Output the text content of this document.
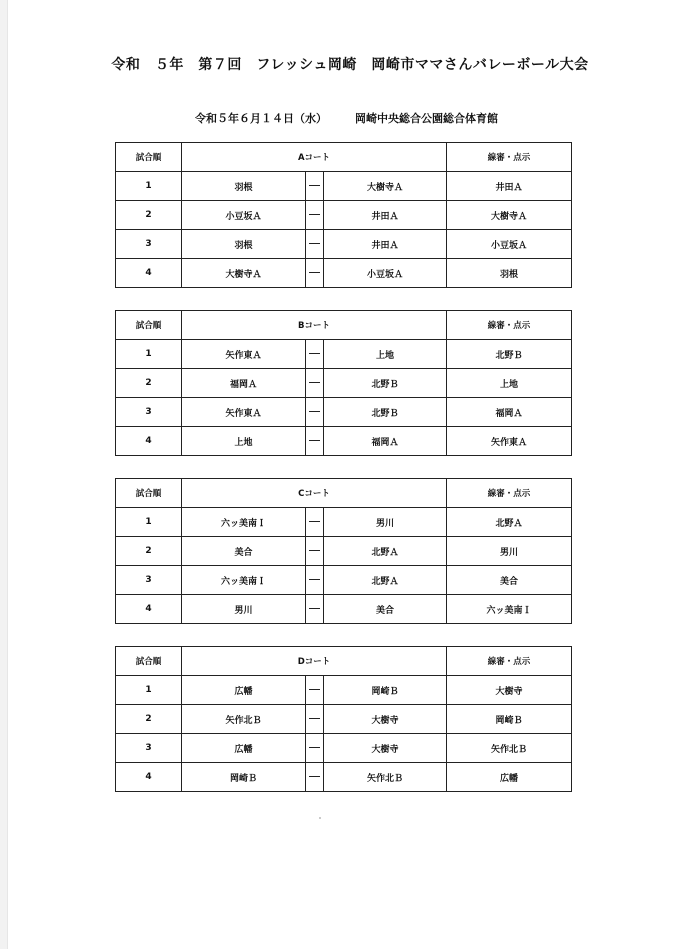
令和　５年　第７回　フレッシュ岡崎　岡崎市ママさんバレーボール大会
令和５年６月１４日（水）	岡崎中央総合公園総合体育館
試合順	Aコート			線審・点示
1	羽根		大樹寺Ａ	井田Ａ
2	小豆坂Ａ		井田Ａ	大樹寺Ａ
3	羽根		井田Ａ	小豆坂Ａ
4	大樹寺Ａ		小豆坂Ａ	羽根
試合順	Bコート			線審・点示
1	矢作東Ａ		上地	北野Ｂ
2	福岡Ａ		北野Ｂ	上地
3	矢作東Ａ		北野Ｂ	福岡Ａ
4	上地		福岡Ａ	矢作東Ａ
試合順	Cコート			線審・点示
1	六ッ美南Ｉ		男川	北野Ａ
2	美合		北野Ａ	男川
3	六ッ美南Ｉ		北野Ａ	美合
4	男川		美合	六ッ美南Ｉ
試合順	Dコート			線審・点示
1	広幡		岡崎Ｂ	大樹寺
2	矢作北Ｂ		大樹寺	岡崎Ｂ
3	広幡		大樹寺	矢作北Ｂ
4	岡崎Ｂ		矢作北Ｂ	広幡
